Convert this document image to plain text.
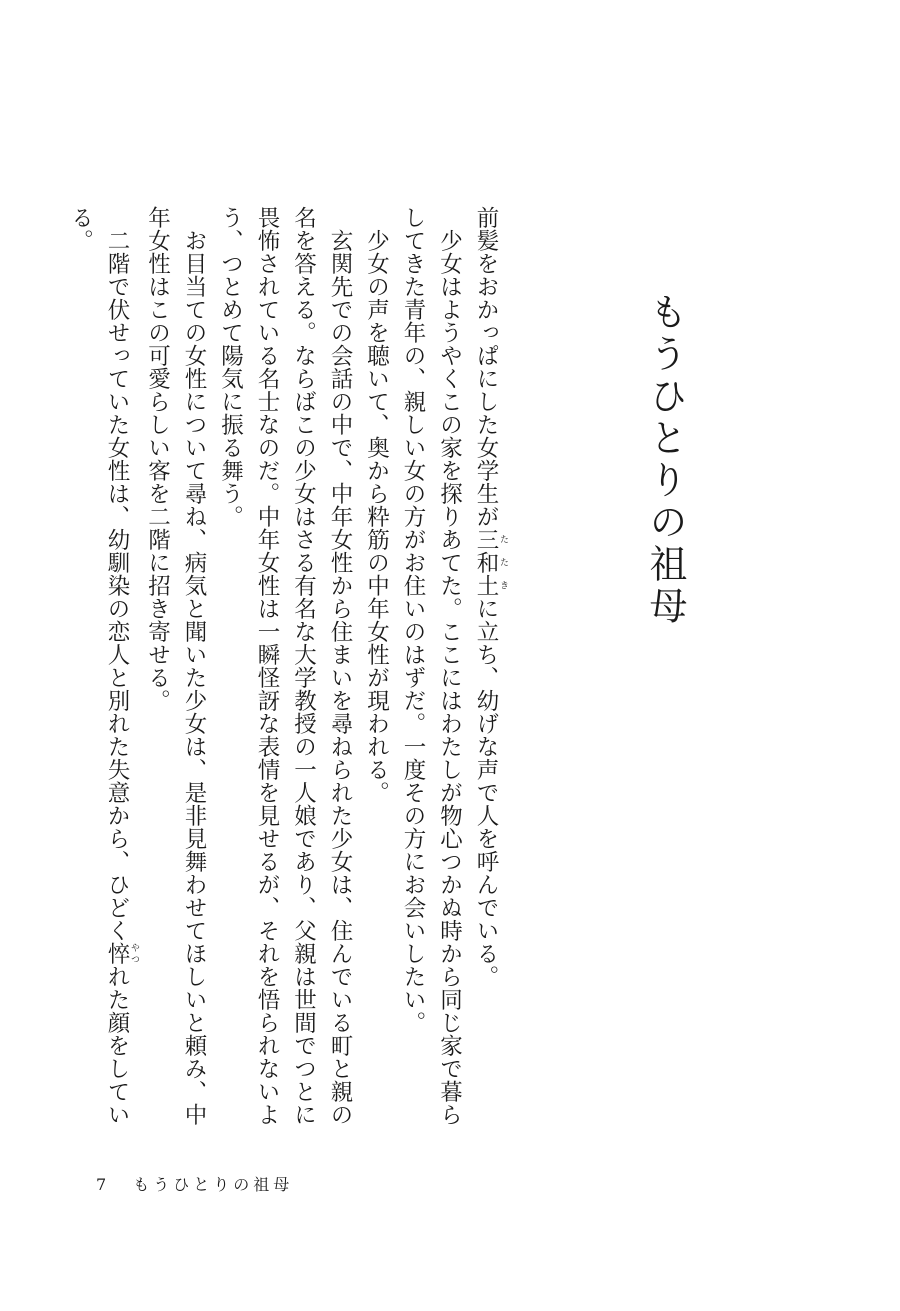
もうひとりの祖母

前髪をおかっぱにした女学生が三和土 たたきに立ち、幼げな声で人を呼んでいる。

少女はようやくこの家を探りあてた。ここにはわたしが物心つかぬ時から同じ家で暮らしてきた青年の、親しい女の方がお住いのはずだ。一度その方にお会いしたい。

少女の声を聴いて、奥から粋筋の中年女性が現われる。

玄関先での会話の中で、中年女性から住まいを尋ねられた少女は、住んでいる町と親の名を答える。ならばこの少女はさる有名な大学教授の一人娘であり、父親は世間でつとに畏怖されている名士なのだ。中年女性は一瞬怪訝な表情を見せるが、それを悟られないよう、つとめて陽気に振る舞う。

お目当ての女性について尋ね、病気と聞いた少女は、是非見舞わせてほしいと頼み、中年女性はこの可愛らしい客を二階に招き寄せる。

二階で伏せっていた女性は、幼馴染の恋人と別れた失意から、ひどく悴 やつれた顔をしている。

7 もうひとりの祖母
